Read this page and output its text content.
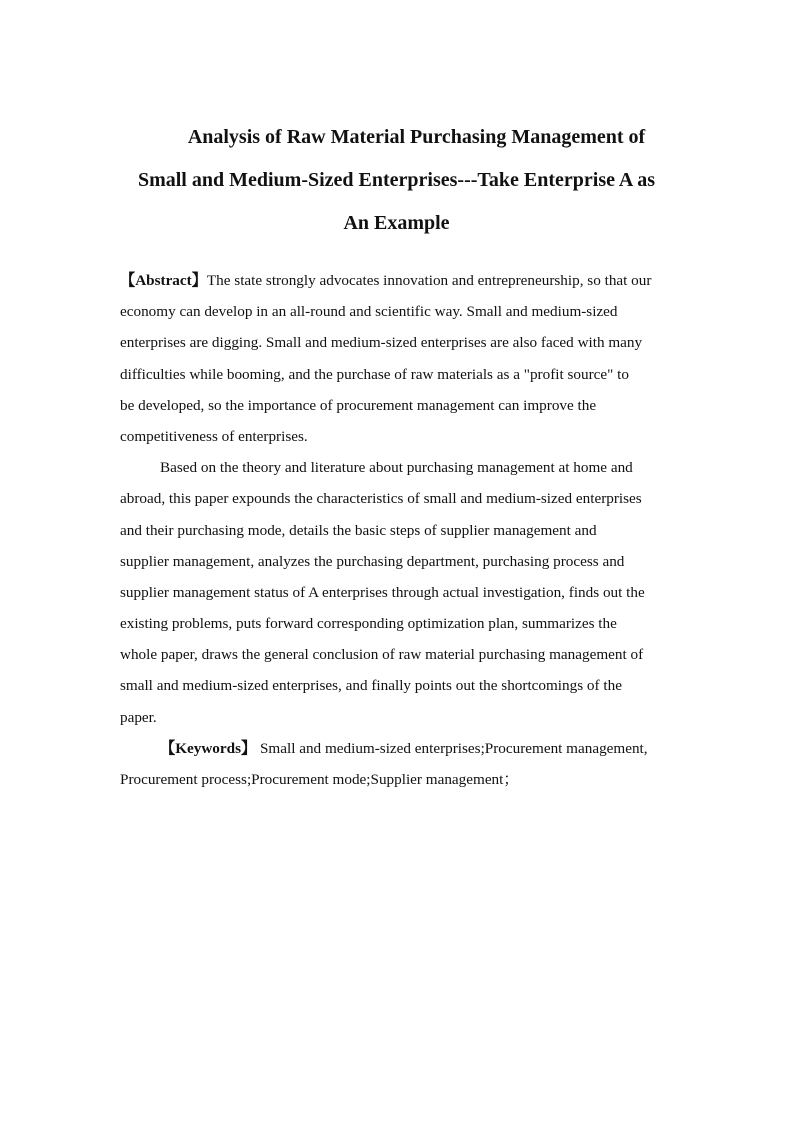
Analysis of Raw Material Purchasing Management of
Small and Medium-Sized Enterprises---Take Enterprise A as
An Example
【Abstract】The state strongly advocates innovation and entrepreneurship, so that our
economy can develop in an all-round and scientific way. Small and medium-sized
enterprises are digging. Small and medium-sized enterprises are also faced with many
difficulties while booming, and the purchase of raw materials as a "profit source" to
be developed, so the importance of procurement management can improve the
competitiveness of enterprises.
Based on the theory and literature about purchasing management at home and
abroad, this paper expounds the characteristics of small and medium-sized enterprises
and their purchasing mode, details the basic steps of supplier management and
supplier management, analyzes the purchasing department, purchasing process and
supplier management status of A enterprises through actual investigation, finds out the
existing problems, puts forward corresponding optimization plan, summarizes the
whole paper, draws the general conclusion of raw material purchasing management of
small and medium-sized enterprises, and finally points out the shortcomings of the
paper.
【Keywords】 Small and medium-sized enterprises;Procurement management,
Procurement process;Procurement mode;Supplier management；
